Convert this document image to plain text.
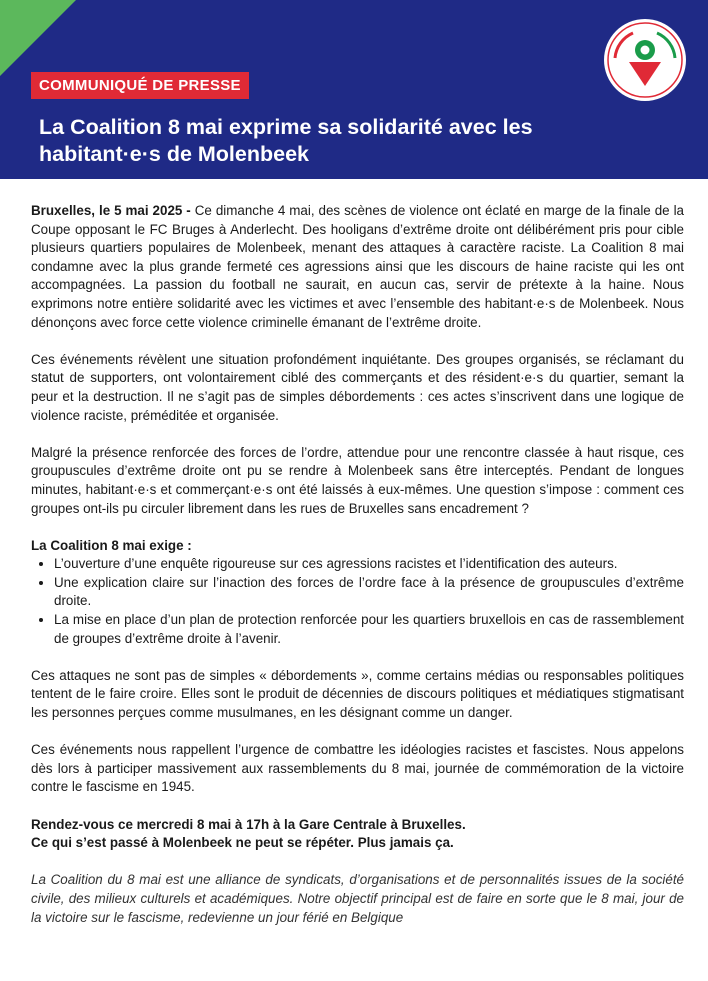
COMMUNIQUÉ DE PRESSE
La Coalition 8 mai exprime sa solidarité avec les habitant·e·s de Molenbeek

Bruxelles, le 5 mai 2025 - Ce dimanche 4 mai, des scènes de violence ont éclaté en marge de la finale de la Coupe opposant le FC Bruges à Anderlecht. Des hooligans d’extrême droite ont délibérément pris pour cible plusieurs quartiers populaires de Molenbeek, menant des attaques à caractère raciste. La Coalition 8 mai condamne avec la plus grande fermeté ces agressions ainsi que les discours de haine raciste qui les ont accompagnées. La passion du football ne saurait, en aucun cas, servir de prétexte à la haine. Nous exprimons notre entière solidarité avec les victimes et avec l’ensemble des habitant·e·s de Molenbeek. Nous dénonçons avec force cette violence criminelle émanant de l’extrême droite.

Ces événements révèlent une situation profondément inquiétante. Des groupes organisés, se réclamant du statut de supporters, ont volontairement ciblé des commerçants et des résident·e·s du quartier, semant la peur et la destruction. Il ne s’agit pas de simples débordements : ces actes s’inscrivent dans une logique de violence raciste, préméditée et organisée.

Malgré la présence renforcée des forces de l’ordre, attendue pour une rencontre classée à haut risque, ces groupuscules d’extrême droite ont pu se rendre à Molenbeek sans être interceptés. Pendant de longues minutes, habitant·e·s et commerçant·e·s ont été laissés à eux-mêmes. Une question s’impose : comment ces groupes ont-ils pu circuler librement dans les rues de Bruxelles sans encadrement ?

La Coalition 8 mai exige :
• L’ouverture d’une enquête rigoureuse sur ces agressions racistes et l’identification des auteurs.
• Une explication claire sur l’inaction des forces de l’ordre face à la présence de groupuscules d’extrême droite.
• La mise en place d’un plan de protection renforcée pour les quartiers bruxellois en cas de rassemblement de groupes d’extrême droite à l’avenir.

Ces attaques ne sont pas de simples « débordements », comme certains médias ou responsables politiques tentent de le faire croire. Elles sont le produit de décennies de discours politiques et médiatiques stigmatisant les personnes perçues comme musulmanes, en les désignant comme un danger.

Ces événements nous rappellent l’urgence de combattre les idéologies racistes et fascistes. Nous appelons dès lors à participer massivement aux rassemblements du 8 mai, journée de commémoration de la victoire contre le fascisme en 1945.

Rendez-vous ce mercredi 8 mai à 17h à la Gare Centrale à Bruxelles.
Ce qui s’est passé à Molenbeek ne peut se répéter. Plus jamais ça.

La Coalition du 8 mai est une alliance de syndicats, d’organisations et de personnalités issues de la société civile, des milieux culturels et académiques. Notre objectif principal est de faire en sorte que le 8 mai, jour de la victoire sur le fascisme, redevienne un jour férié en Belgique
